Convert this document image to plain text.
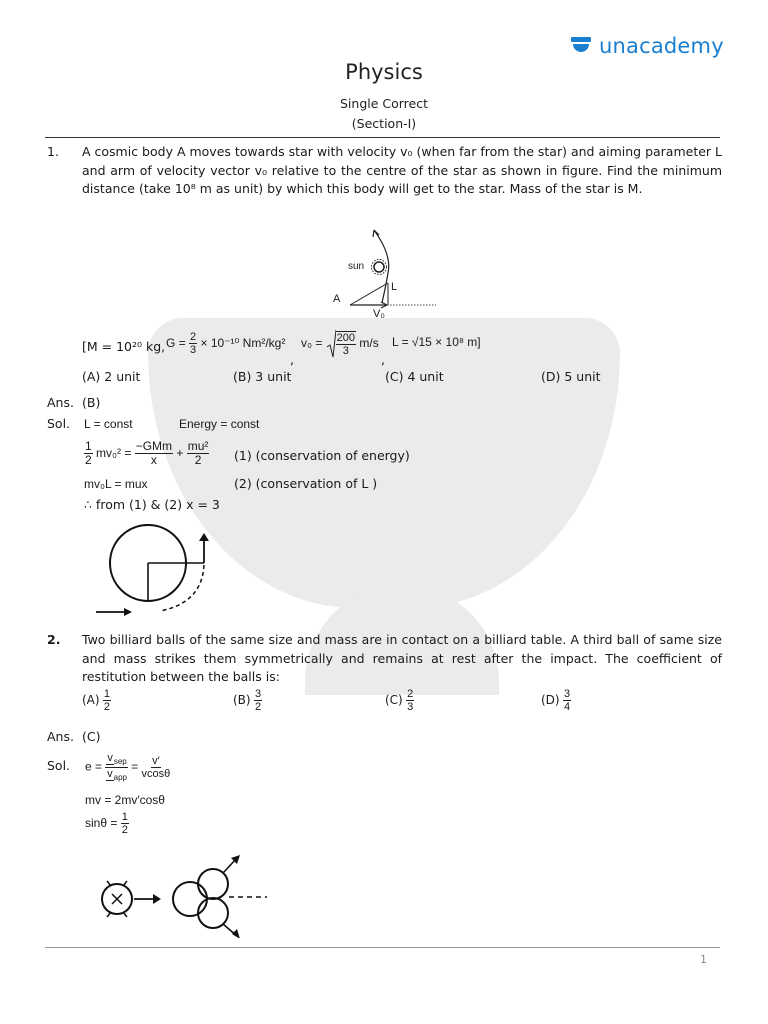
unacademy
Physics
Single Correct
(Section-I)
1. A cosmic body A moves towards star with velocity v₀ (when far from the star) and aiming parameter L and arm of velocity vector v₀ relative to the centre of the star as shown in figure. Find the minimum distance (take 10⁸ m as unit) by which this body will get to the star. Mass of the star is M.
sun
A
L
V₀
[M = 10²⁰ kg, $G = \frac{2}{3} \times 10^{-10}$ Nm²/kg²
,
$v_0 = \frac{200}{3} m/s$
,
L = √15 × 10⁸ m]
(A) 2 unit	(B) 3 unit	(C) 4 unit	(D) 5 unit
Ans. (B)
Sol. L = const	Energy = const
$\frac{1}{2} mv_0^2 = \frac{\text{−GMm}}{x} + \frac{\text{mu²}}{2} (1)$ (conservation of energy)
mv₀L = mux	(2) (conservation of L )
∴ from (1) & (2) x = 3
2. Two billiard balls of the same size and mass are in contact on a billiard table. A third ball of same size and mass strikes them symmetrically and remains at rest after the impact. The coefficient of restitution between the balls is:
$(A) \frac{1}{2}$	$(B) \frac{3}{2}$	$(C) \frac{2}{3}$	$(D) \frac{3}{4}$
Ans. (C)
Sol. $e = \frac{v_{sep}}{v_{app}} = \frac{v'}{vcos\theta}$
mv = 2mv′cosθ
$\sin\theta = \frac{1}{2}$
1
